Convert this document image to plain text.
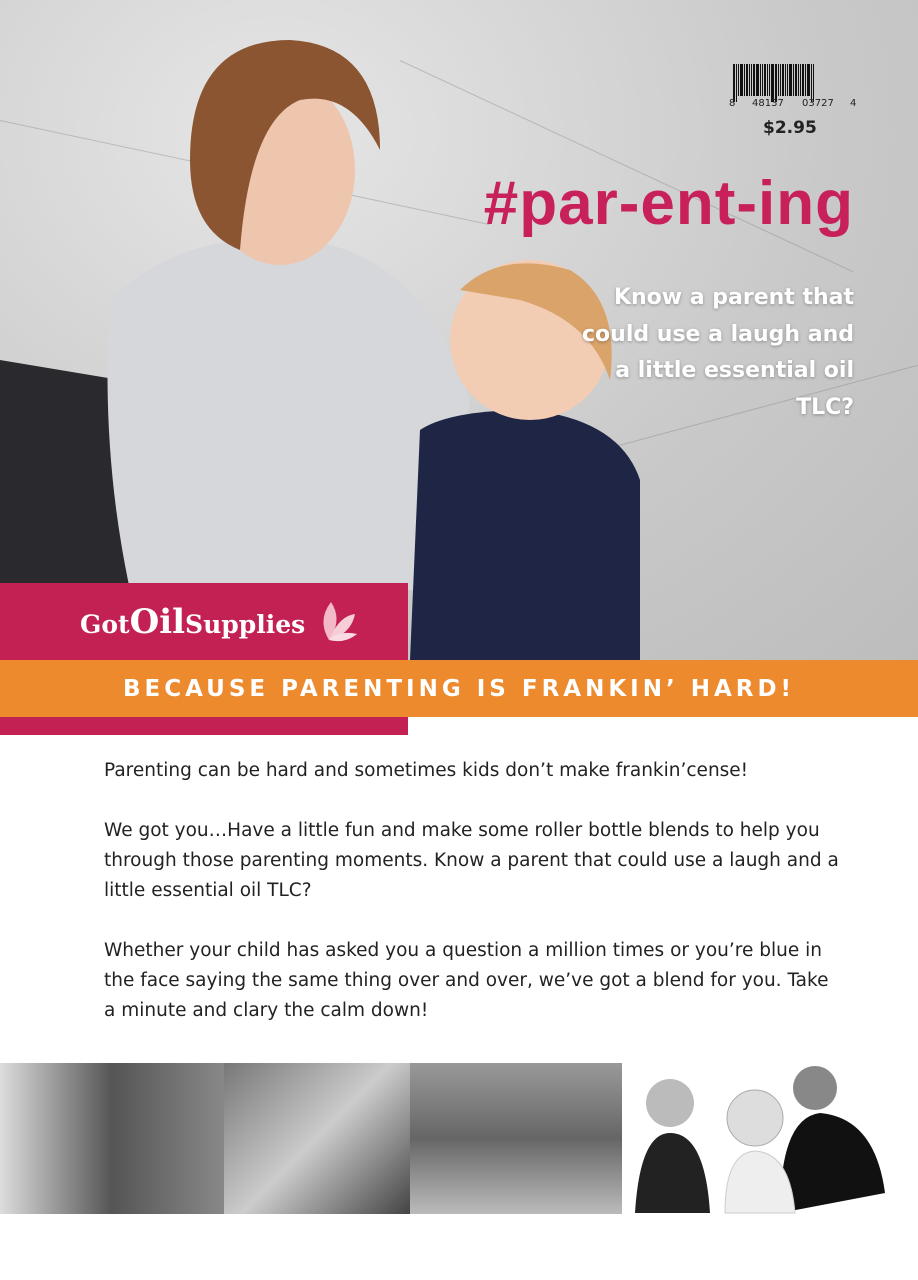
8 48137 03727 4
$2.95
#par-ent-ing
Know a parent that could use a laugh and a little essential oil TLC?
GotOilSupplies
BECAUSE PARENTING IS FRANKIN’ HARD!

Parenting can be hard and sometimes kids don’t make frankin’cense!

We got you…Have a little fun and make some roller bottle blends to help you through those parenting moments. Know a parent that could use a laugh and a little essential oil TLC?

Whether your child has asked you a question a million times or you’re blue in the face saying the same thing over and over, we’ve got a blend for you. Take a minute and clary the calm down!
